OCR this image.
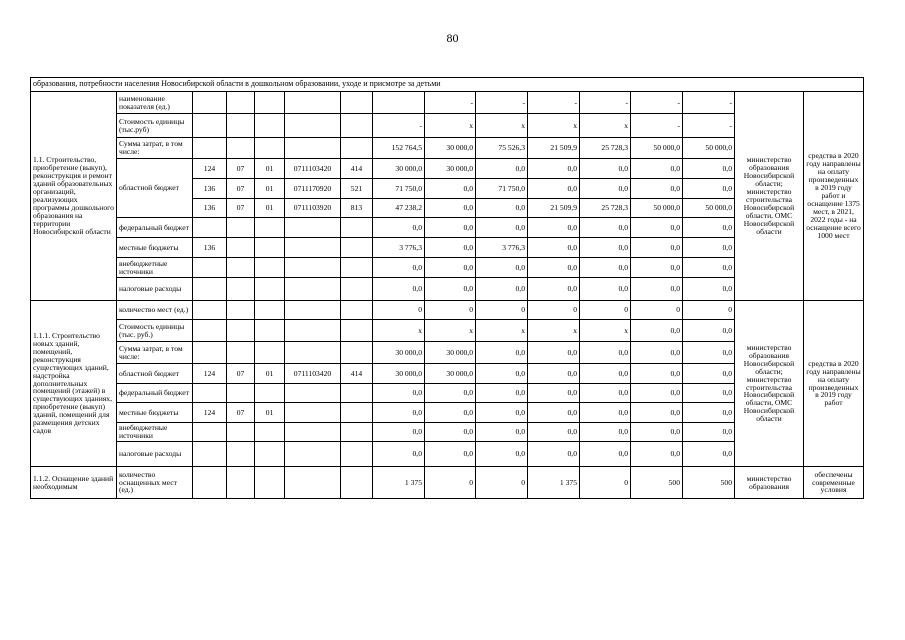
80
образования, потребности населения Новосибирской области в дошкольном образовании, уходе и присмотре за детьми															
1.1. Строительство, приобретение (выкуп), реконструкция и ремонт зданий образовательных организаций, реализующих программы дошкольного образования на территории Новосибирской области	наименование показателя (ед.)							-	-	-	-	-	-	министерство образования Новосибирской области; министерство строительства Новосибирской области, ОМС Новосибирской области	средства в 2020 году направлены на оплату произведенных в 2019 году работ и оснащение 1375 мест, в 2021, 2022 годы - на оснащение всего 1000 мест
	Стоимость единицы (тыс.руб)						-	х	х	х	х	-	-		
	Сумма затрат, в том числе:						152 764,5	30 000,0	75 526,3	21 509,9	25 728,3	50 000,0	50 000,0		
	областной бюджет	124	07	01	0711103420	414	30 000,0	30 000,0	0,0	0,0	0,0	0,0	0,0		
		136	07	01	0711170920	521	71 750,0	0,0	71 750,0	0,0	0,0	0,0	0,0		
		136	07	01	0711103920	813	47 238,2	0,0	0,0	21 509,9	25 728,3	50 000,0	50 000,0		
	федеральный бюджет						0,0	0,0	0,0	0,0	0,0	0,0	0,0		
	местные бюджеты	136					3 776,3	0,0	3 776,3	0,0	0,0	0,0	0,0		
	внебюджетные источники						0,0	0,0	0,0	0,0	0,0	0,0	0,0		
	налоговые расходы						0,0	0,0	0,0	0,0	0,0	0,0	0,0		
1.1.1. Строительство новых зданий, помещений, реконструкция существующих зданий, надстройка дополнительных помещений (этажей) в существующих зданиях, приобретение (выкуп) зданий, помещений для размещения детских садов	количество мест (ед.)						0	0	0	0	0	0	0	министерство образования Новосибирской области; министерство строительства Новосибирской области, ОМС Новосибирской области	средства в 2020 году направлены на оплату произведенных в 2019 году работ
	Стоимость единицы (тыс. руб.)						х	х	х	х	х	0,0	0,0		
	Сумма затрат, в том числе:						30 000,0	30 000,0	0,0	0,0	0,0	0,0	0,0		
	областной бюджет	124	07	01	0711103420	414	30 000,0	30 000,0	0,0	0,0	0,0	0,0	0,0		
	федеральный бюджет						0,0	0,0	0,0	0,0	0,0	0,0	0,0		
	местные бюджеты	124	07	01			0,0	0,0	0,0	0,0	0,0	0,0	0,0		
	внебюджетные источники						0,0	0,0	0,0	0,0	0,0	0,0	0,0		
	налоговые расходы						0,0	0,0	0,0	0,0	0,0	0,0	0,0		
1.1.2. Оснащение зданий необходимым	количество оснащенных мест (ед.)						1 375	0	0	1 375	0	500	500	министерство образования	обеспечены современные условия
